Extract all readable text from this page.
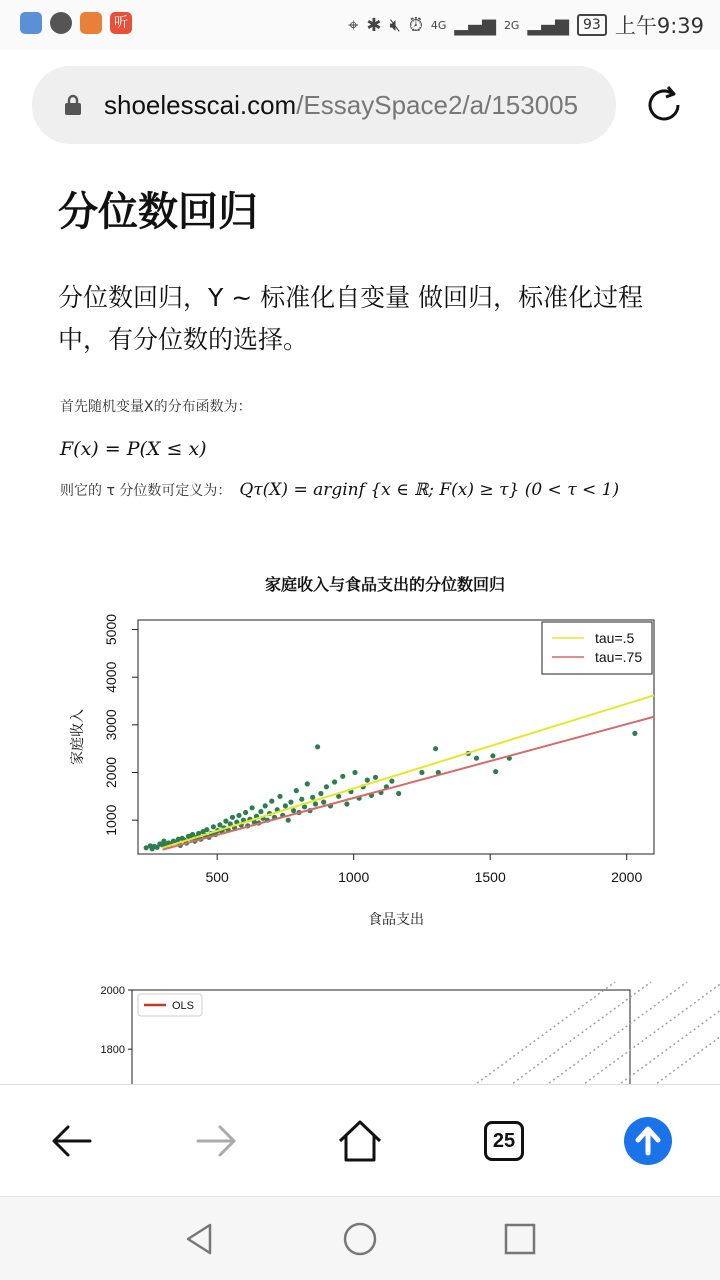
听	⌖ ✱ 🔇︎ ⏰︎ 4G ▂▄▆ 2G ▂▄▆	93 上午9:39
shoelesscai.com/EssaySpace2/a/153005
分位数回归

分位数回归，Y ~ 标准化自变量 做回归，标准化过程中，有分位数的选择。

首先随机变量X的分布函数为：
F(x) = P(X ≤ x)
则它的 τ 分位数可定义为： Qτ(X) = arginf {x ∈ ℝ; F(x) ≥ τ} (0 < τ < 1)
家庭收入与食品支出的分位数回归
500	1000	1500	2000
1000
2000
3000
4000
5000
食品支出
家庭收入
tau=.5
tau=.75
1800
2000
OLS
25
